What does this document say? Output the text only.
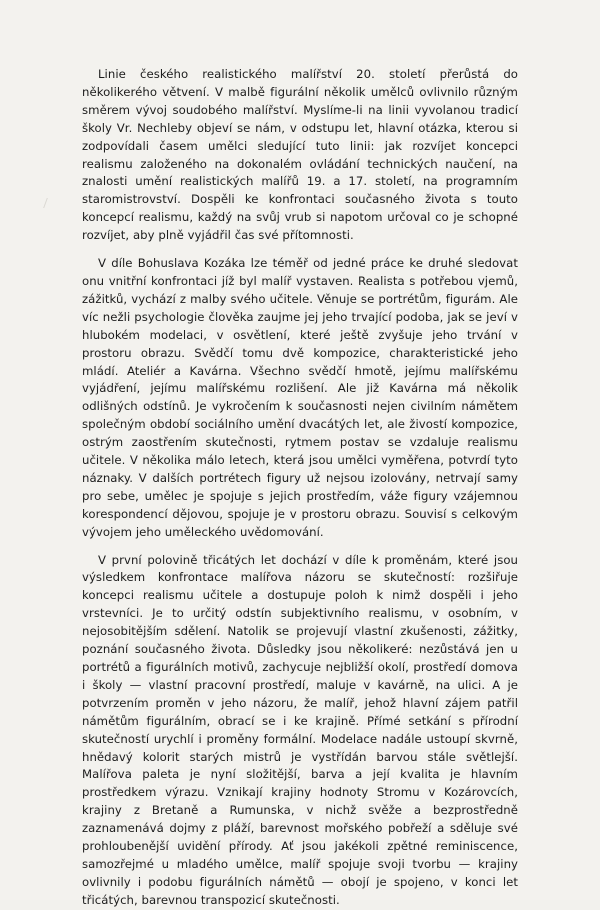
Linie českého realistického malířství 20. století přerůstá do několikerého větvení. V malbě figurální několik umělců ovlivnilo různým směrem vývoj soudobého malířství. Myslíme-li na linii vyvolanou tradicí školy Vr. Nechleby objeví se nám, v odstupu let, hlavní otázka, kterou si zodpovídali časem umělci sledující tuto linii: jak rozvíjet koncepci realismu založeného na dokonalém ovládání technických naučení, na znalosti umění realistických malířů 19. a 17. století, na programním staromistrovství. Dospěli ke konfrontaci současného života s touto koncepcí realismu, každý na svůj vrub si napotom určoval co je schopné rozvíjet, aby plně vyjádřil čas své přítomnosti.

V díle Bohuslava Kozáka lze téměř od jedné práce ke druhé sledovat onu vnitřní konfrontaci jíž byl malíř vystaven. Realista s potřebou vjemů, zážitků, vychází z malby svého učitele. Věnuje se portrétům, figurám. Ale víc nežli psychologie člověka zaujme jej jeho trvající podoba, jak se jeví v hlubokém modelaci, v osvětlení, které ještě zvyšuje jeho trvání v prostoru obrazu. Svědčí tomu dvě kompozice, charakteristické jeho mládí. Ateliér a Kavárna. Všechno svědčí hmotě, jejímu malířskému vyjádření, jejímu malířskému rozlišení. Ale již Kavárna má několik odlišných odstínů. Je vykročením k současnosti nejen civilním námětem společným období sociálního umění dvacátých let, ale živostí kompozice, ostrým zaostřením skutečnosti, rytmem postav se vzdaluje realismu učitele. V několika málo letech, která jsou umělci vyměřena, potvrdí tyto náznaky. V dalších portrétech figury už nejsou izolovány, netrvají samy pro sebe, umělec je spojuje s jejich prostředím, váže figury vzájemnou korespondencí dějovou, spojuje je v prostoru obrazu. Souvisí s celkovým vývojem jeho uměleckého uvědomování.

V první polovině třicátých let dochází v díle k proměnám, které jsou výsledkem konfrontace malířova názoru se skutečností: rozšiřuje koncepci realismu učitele a dostupuje poloh k nimž dospěli i jeho vrstevníci. Je to určitý odstín subjektivního realismu, v osobním, v nejosobitějším sdělení. Natolik se projevují vlastní zkušenosti, zážitky, poznání současného života. Důsledky jsou několikeré: nezůstává jen u portrétů a figurálních motivů, zachycuje nejbližší okolí, prostředí domova i školy — vlastní pracovní prostředí, maluje v kavárně, na ulici. A je potvrzením proměn v jeho názoru, že malíř, jehož hlavní zájem patřil námětům figurálním, obrací se i ke krajině. Přímé setkání s přírodní skutečností urychlí i proměny formální. Modelace nadále ustoupí skvrně, hnědavý kolorit starých mistrů je vystřídán barvou stále světlejší. Malířova paleta je nyní složitější, barva a její kvalita je hlavním prostředkem výrazu. Vznikají krajiny hodnoty Stromu v Kozárovcích, krajiny z Bretaně a Rumunska, v nichž svěže a bezprostředně zaznamenává dojmy z pláží, barevnost mořského pobřeží a sděluje své prohloubenější uvidění přírody. Ať jsou jakékoli zpětné reminiscence, samozřejmé u mladého umělce, malíř spojuje svoji tvorbu — krajiny ovlivnily i podobu figurálních námětů — obojí je spojeno, v konci let třicátých, barevnou transpozicí skutečnosti.
